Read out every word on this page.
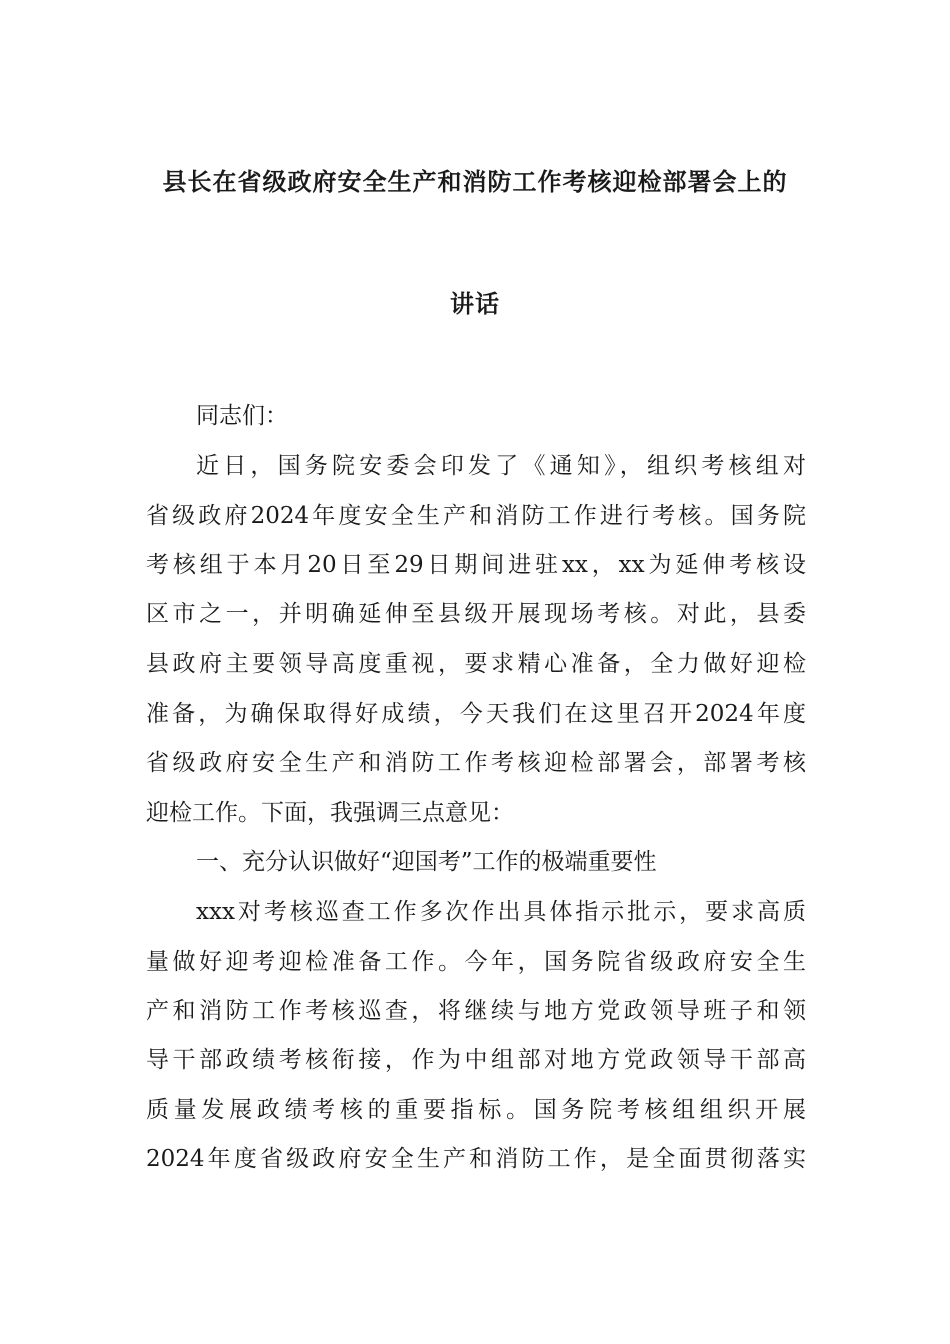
县长在省级政府安全生产和消防工作考核迎检部署会上的
讲话

同志们：

近日，国务院安委会印发了《通知》，组织考核组对

省级政府2024年度安全生产和消防工作进行考核。国务院

考核组于本月20日至29日期间进驻xx，xx为延伸考核设

区市之一，并明确延伸至县级开展现场考核。对此，县委

县政府主要领导高度重视，要求精心准备，全力做好迎检

准备，为确保取得好成绩，今天我们在这里召开2024年度

省级政府安全生产和消防工作考核迎检部署会，部署考核

迎检工作。下面，我强调三点意见：

一、充分认识做好“迎国考”工作的极端重要性

xxx对考核巡查工作多次作出具体指示批示，要求高质

量做好迎考迎检准备工作。今年，国务院省级政府安全生

产和消防工作考核巡查，将继续与地方党政领导班子和领

导干部政绩考核衔接，作为中组部对地方党政领导干部高

质量发展政绩考核的重要指标。国务院考核组组织开展

2024年度省级政府安全生产和消防工作，是全面贯彻落实
